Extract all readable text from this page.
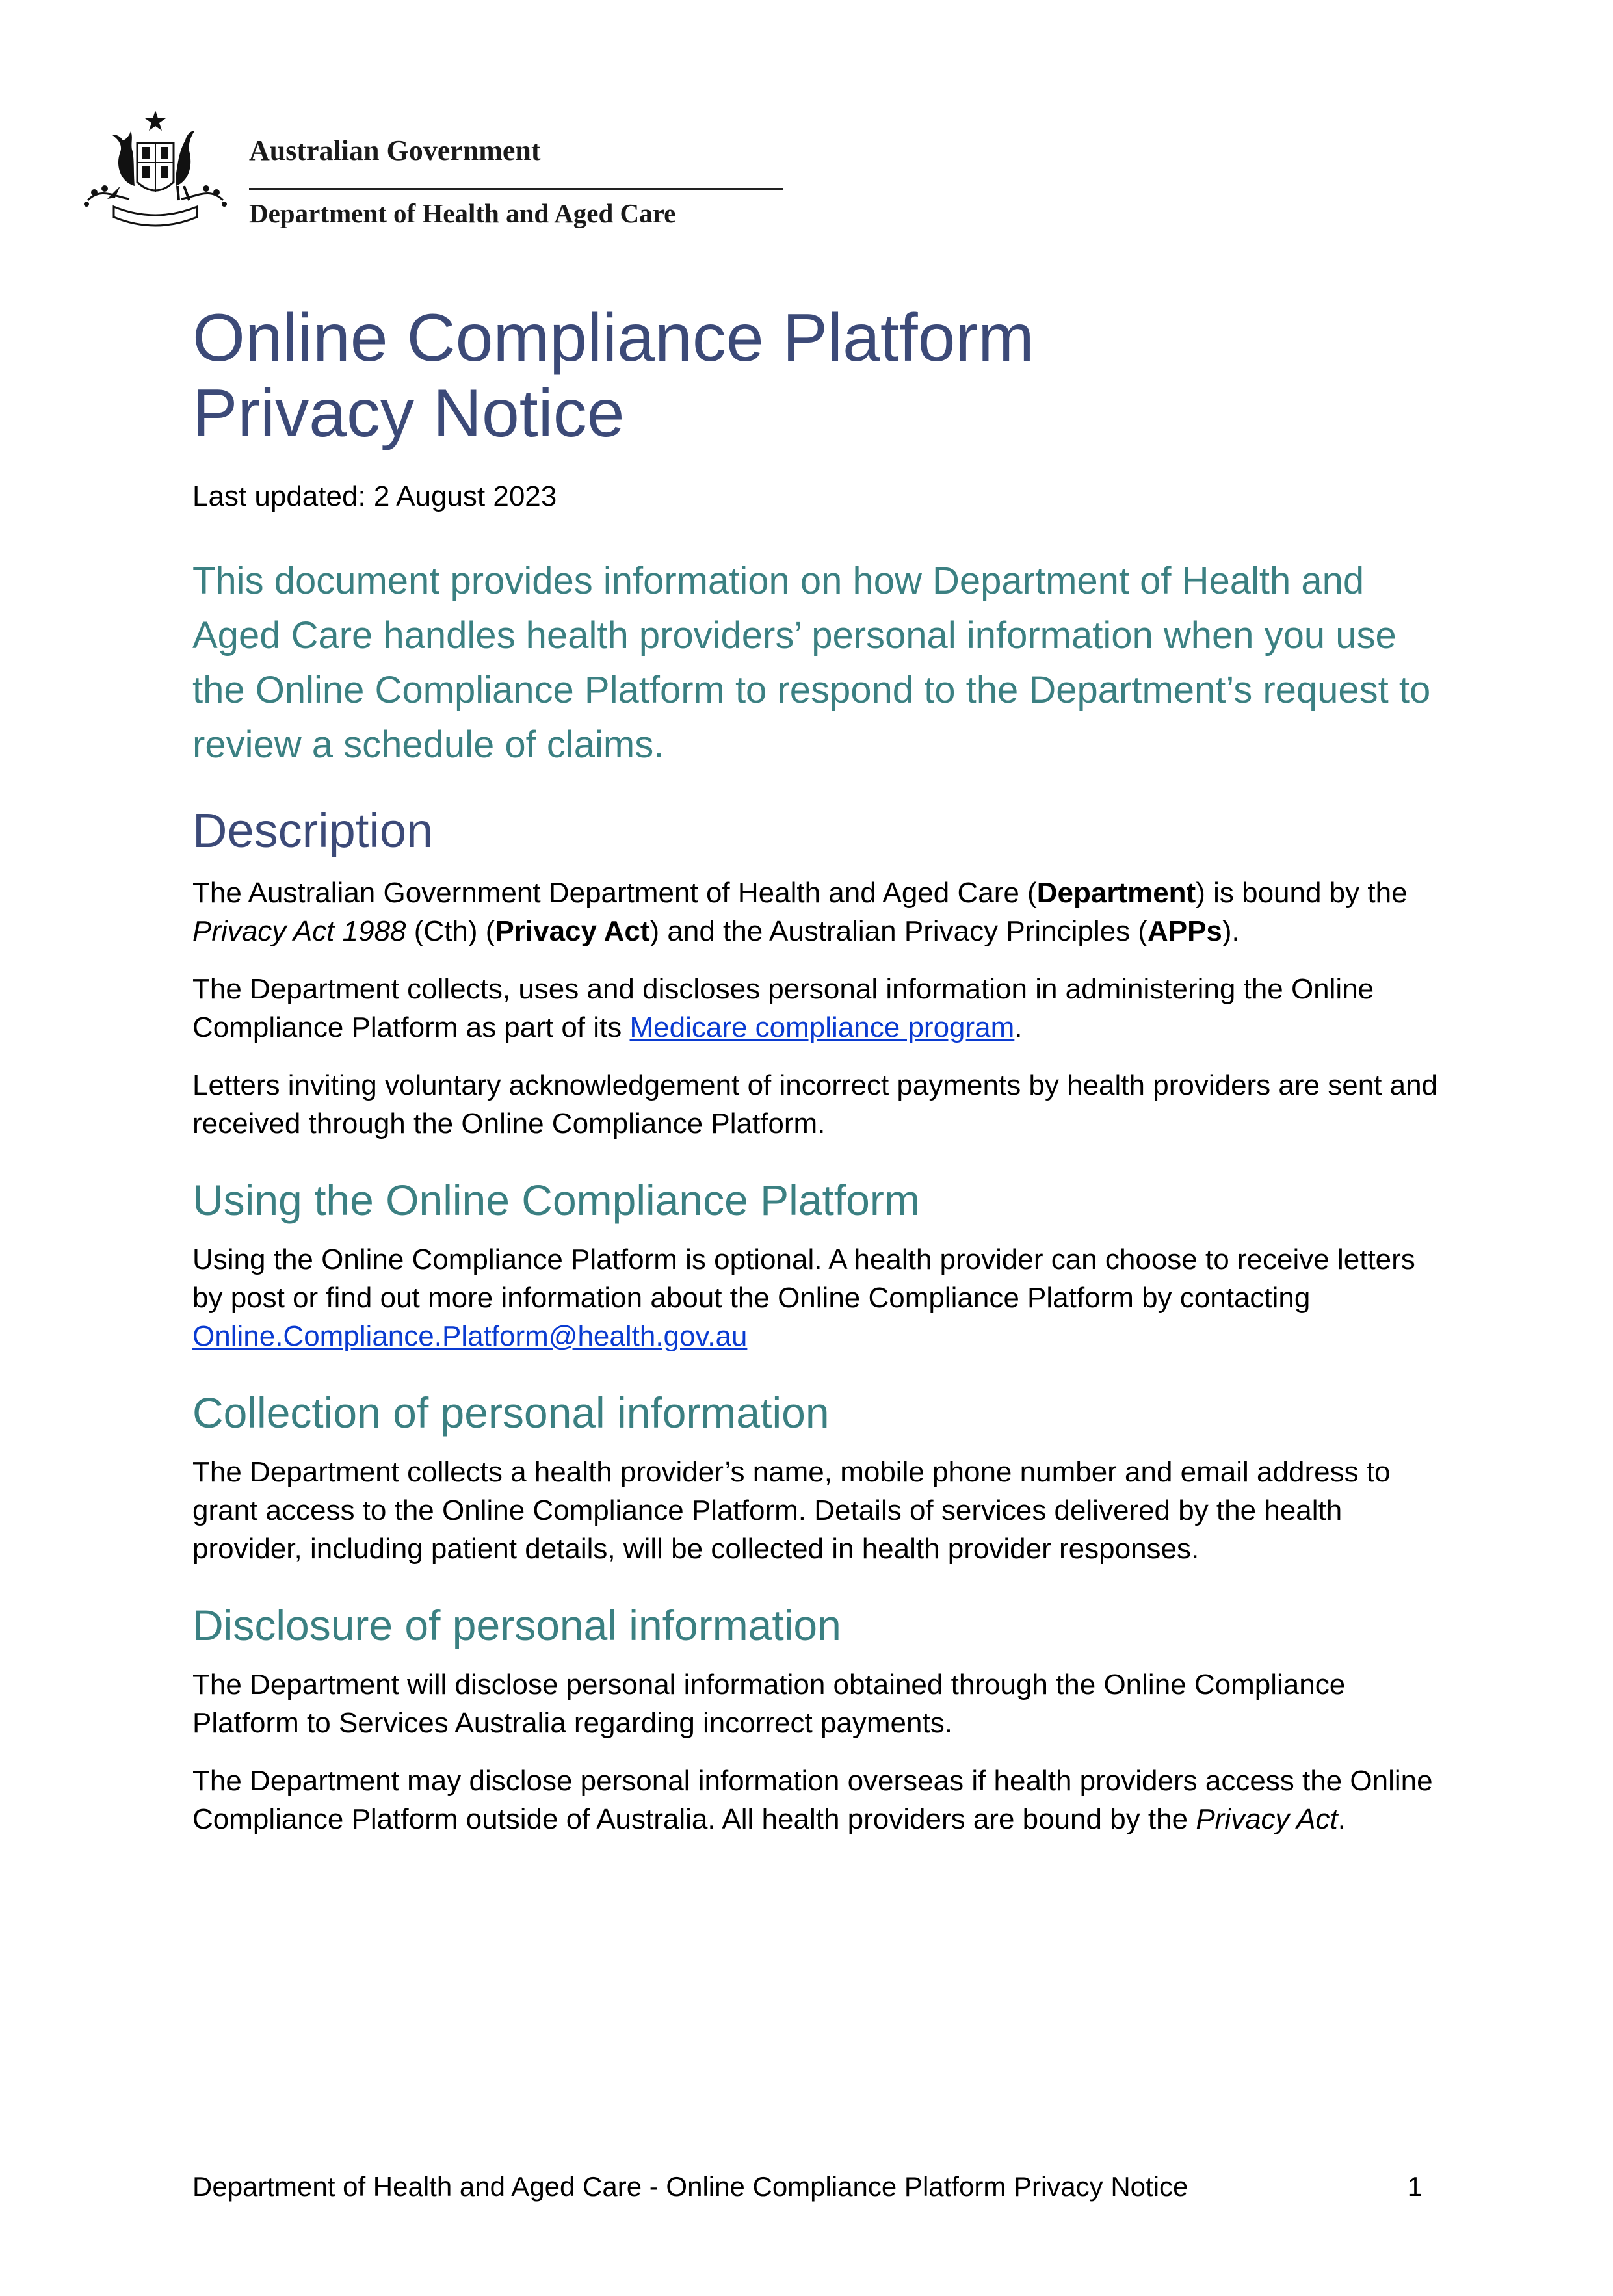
Australian Government
Department of Health and Aged Care
Online Compliance Platform
Privacy Notice

Last updated: 2 August 2023

This document provides information on how Department of Health and Aged Care handles health providers’ personal information when you use the Online Compliance Platform to respond to the Department’s request to review a schedule of claims.

Description

The Australian Government Department of Health and Aged Care (Department) is bound by the Privacy Act 1988 (Cth) (Privacy Act) and the Australian Privacy Principles (APPs).

The Department collects, uses and discloses personal information in administering the Online Compliance Platform as part of its Medicare compliance program.

Letters inviting voluntary acknowledgement of incorrect payments by health providers are sent and received through the Online Compliance Platform.

Using the Online Compliance Platform

Using the Online Compliance Platform is optional. A health provider can choose to receive letters by post or find out more information about the Online Compliance Platform by contacting Online.Compliance.Platform@health.gov.au

Collection of personal information

The Department collects a health provider’s name, mobile phone number and email address to grant access to the Online Compliance Platform. Details of services delivered by the health provider, including patient details, will be collected in health provider responses.

Disclosure of personal information

The Department will disclose personal information obtained through the Online Compliance Platform to Services Australia regarding incorrect payments.

The Department may disclose personal information overseas if health providers access the Online Compliance Platform outside of Australia. All health providers are bound by the Privacy Act.

Department of Health and Aged Care - Online Compliance Platform Privacy Notice	1
